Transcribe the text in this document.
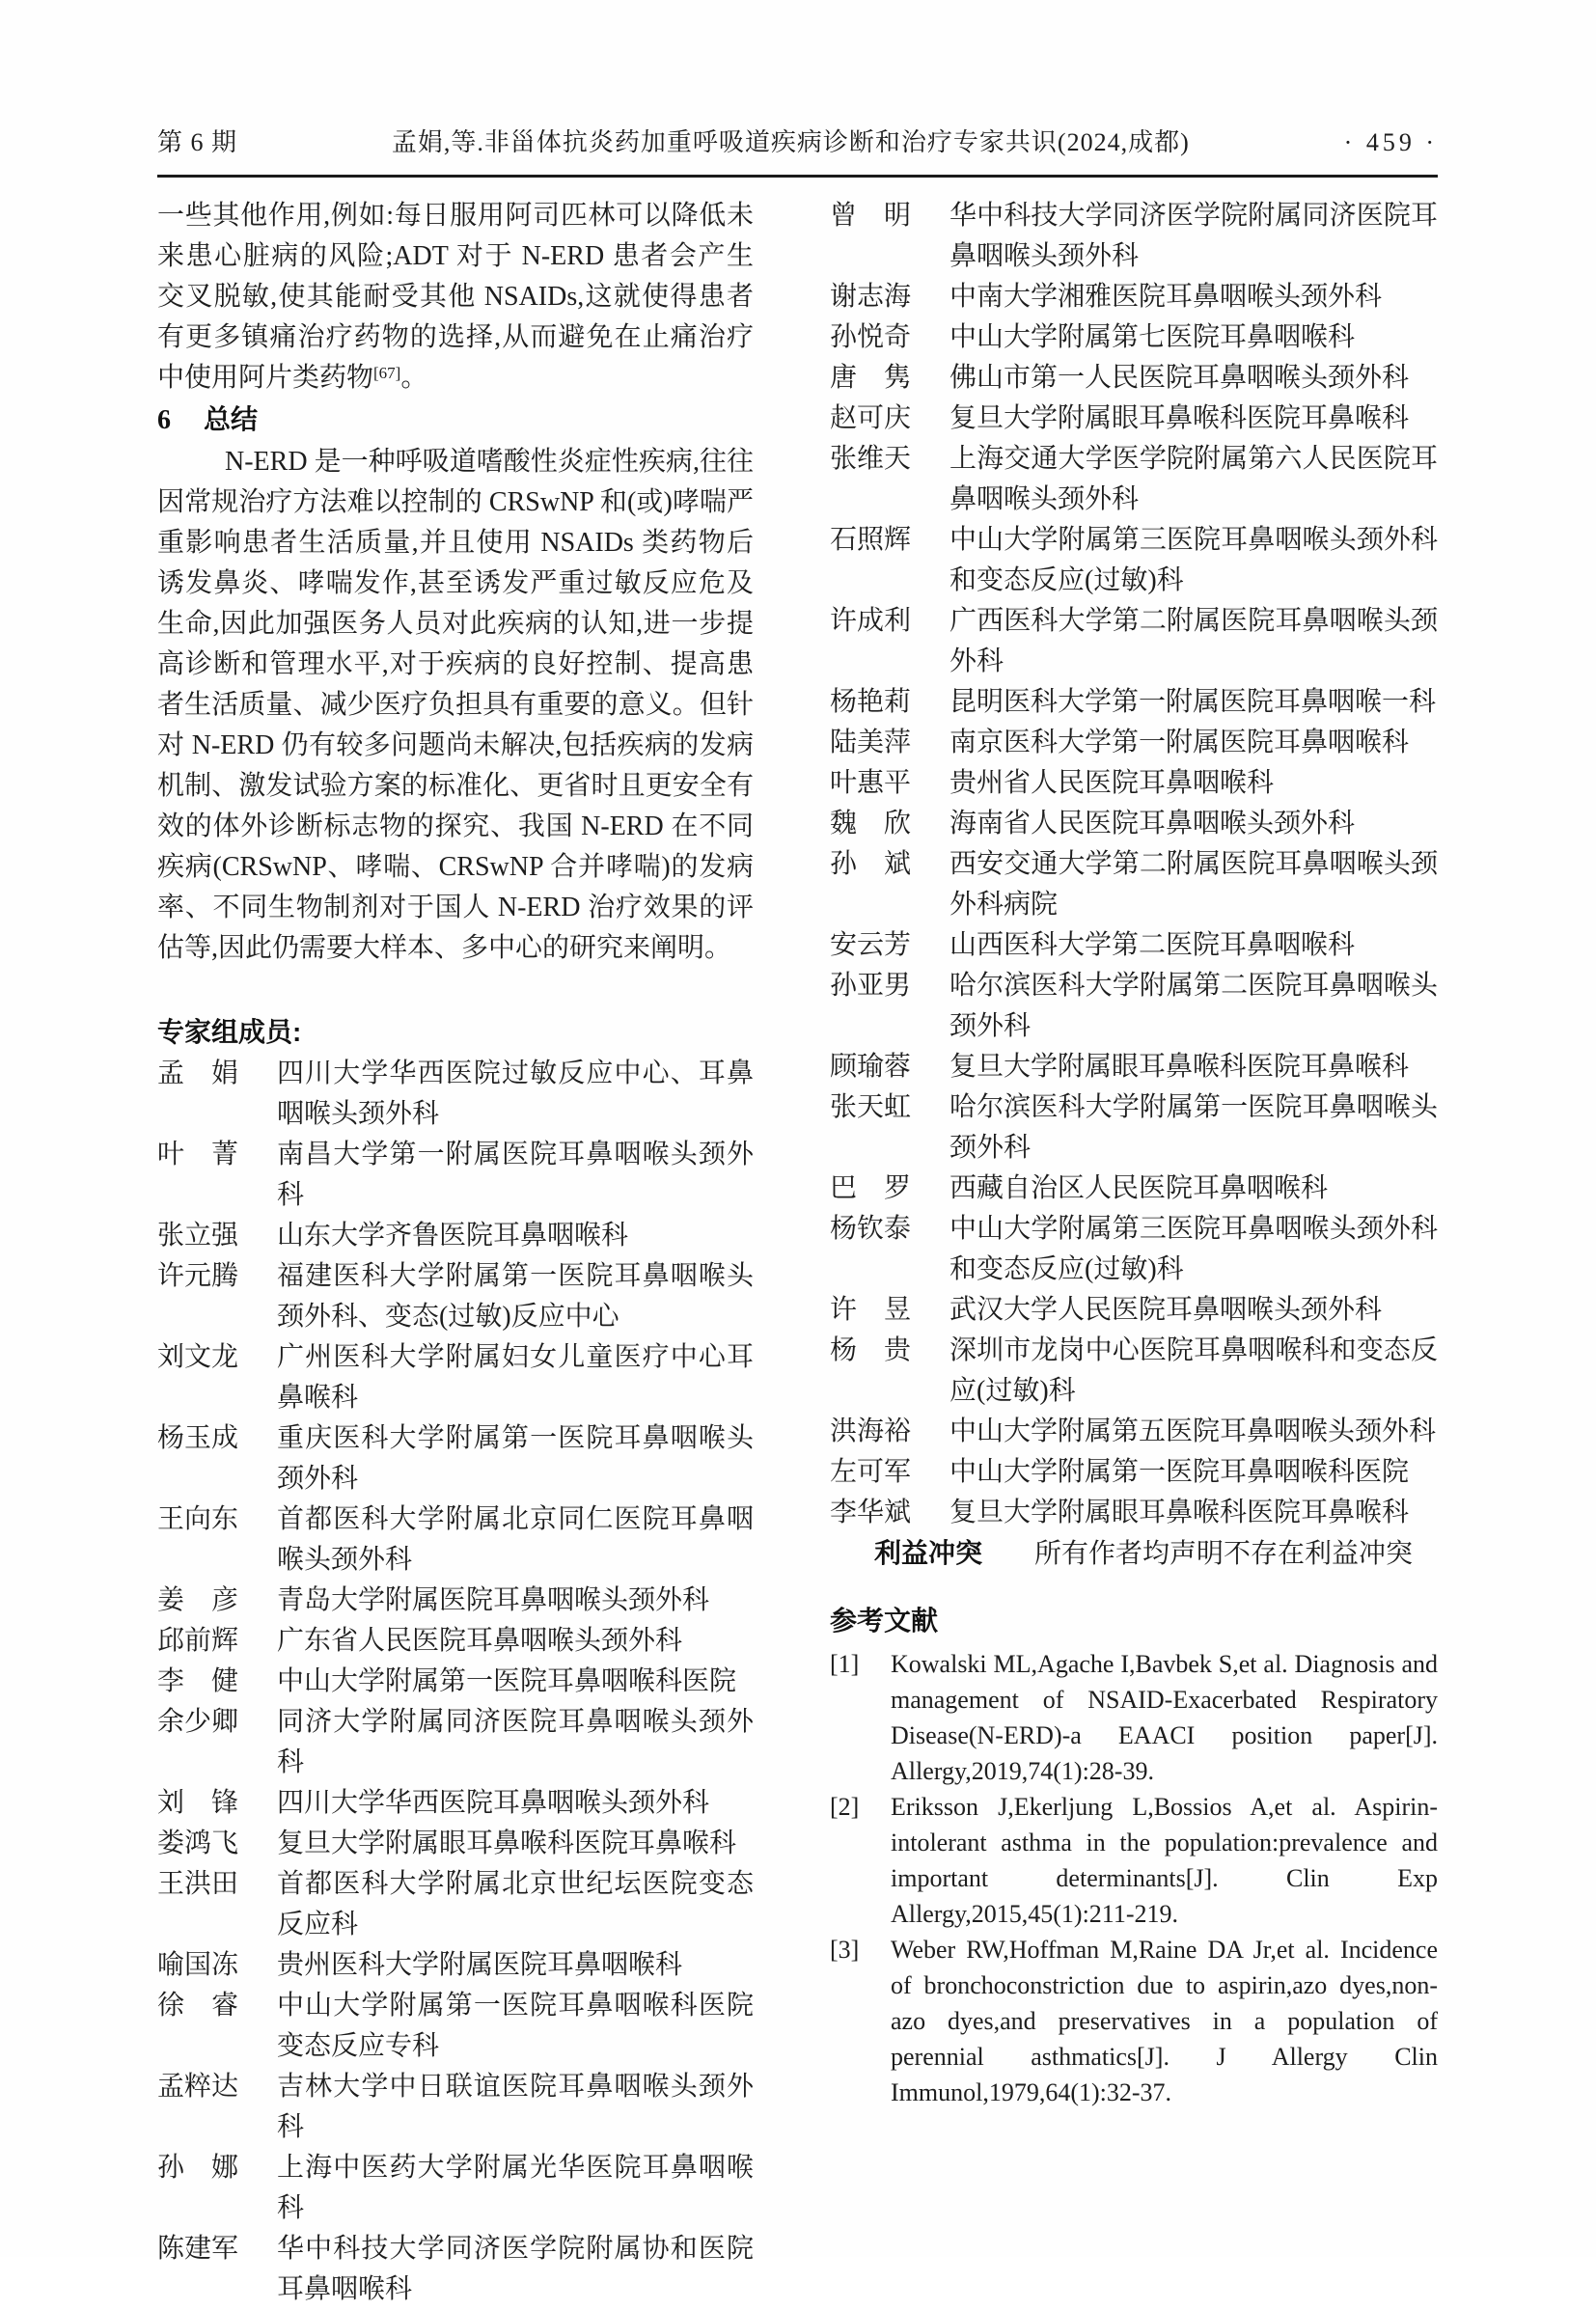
第 6 期	孟娟,等.非甾体抗炎药加重呼吸道疾病诊断和治疗专家共识(2024,成都)	· 459 ·

一些其他作用,例如:每日服用阿司匹林可以降低未来患心脏病的风险;ADT 对于 N-ERD 患者会产生交叉脱敏,使其能耐受其他 NSAIDs,这就使得患者有更多镇痛治疗药物的选择,从而避免在止痛治疗中使用阿片类药物[67]。

6 总结

N-ERD 是一种呼吸道嗜酸性炎症性疾病,往往因常规治疗方法难以控制的 CRSwNP 和(或)哮喘严重影响患者生活质量,并且使用 NSAIDs 类药物后诱发鼻炎、哮喘发作,甚至诱发严重过敏反应危及生命,因此加强医务人员对此疾病的认知,进一步提高诊断和管理水平,对于疾病的良好控制、提高患者生活质量、减少医疗负担具有重要的意义。但针对 N-ERD 仍有较多问题尚未解决,包括疾病的发病机制、激发试验方案的标准化、更省时且更安全有效的体外诊断标志物的探究、我国 N-ERD 在不同疾病(CRSwNP、哮喘、CRSwNP 合并哮喘)的发病率、不同生物制剂对于国人 N-ERD 治疗效果的评估等,因此仍需要大样本、多中心的研究来阐明。

专家组成员:
孟　娟 四川大学华西医院过敏反应中心、耳鼻咽喉头颈外科
叶　菁 南昌大学第一附属医院耳鼻咽喉头颈外科
张立强 山东大学齐鲁医院耳鼻咽喉科
许元腾 福建医科大学附属第一医院耳鼻咽喉头颈外科、变态(过敏)反应中心
刘文龙 广州医科大学附属妇女儿童医疗中心耳鼻喉科
杨玉成 重庆医科大学附属第一医院耳鼻咽喉头颈外科
王向东 首都医科大学附属北京同仁医院耳鼻咽喉头颈外科
姜　彦 青岛大学附属医院耳鼻咽喉头颈外科
邱前辉 广东省人民医院耳鼻咽喉头颈外科
李　健 中山大学附属第一医院耳鼻咽喉科医院
余少卿 同济大学附属同济医院耳鼻咽喉头颈外科
刘　锋 四川大学华西医院耳鼻咽喉头颈外科
娄鸿飞 复旦大学附属眼耳鼻喉科医院耳鼻喉科
王洪田 首都医科大学附属北京世纪坛医院变态反应科
喻国冻 贵州医科大学附属医院耳鼻咽喉科
徐　睿 中山大学附属第一医院耳鼻咽喉科医院变态反应专科
孟粹达 吉林大学中日联谊医院耳鼻咽喉头颈外科
孙　娜 上海中医药大学附属光华医院耳鼻咽喉科
陈建军 华中科技大学同济医学院附属协和医院耳鼻咽喉科
曾　明 华中科技大学同济医学院附属同济医院耳鼻咽喉头颈外科
谢志海 中南大学湘雅医院耳鼻咽喉头颈外科
孙悦奇 中山大学附属第七医院耳鼻咽喉科
唐　隽 佛山市第一人民医院耳鼻咽喉头颈外科
赵可庆 复旦大学附属眼耳鼻喉科医院耳鼻喉科
张维天 上海交通大学医学院附属第六人民医院耳鼻咽喉头颈外科
石照辉 中山大学附属第三医院耳鼻咽喉头颈外科和变态反应(过敏)科
许成利 广西医科大学第二附属医院耳鼻咽喉头颈外科
杨艳莉 昆明医科大学第一附属医院耳鼻咽喉一科
陆美萍 南京医科大学第一附属医院耳鼻咽喉科
叶惠平 贵州省人民医院耳鼻咽喉科
魏　欣 海南省人民医院耳鼻咽喉头颈外科
孙　斌 西安交通大学第二附属医院耳鼻咽喉头颈外科病院
安云芳 山西医科大学第二医院耳鼻咽喉科
孙亚男 哈尔滨医科大学附属第二医院耳鼻咽喉头颈外科
顾瑜蓉 复旦大学附属眼耳鼻喉科医院耳鼻喉科
张天虹 哈尔滨医科大学附属第一医院耳鼻咽喉头颈外科
巴　罗 西藏自治区人民医院耳鼻咽喉科
杨钦泰 中山大学附属第三医院耳鼻咽喉头颈外科和变态反应(过敏)科
许　昱 武汉大学人民医院耳鼻咽喉头颈外科
杨　贵 深圳市龙岗中心医院耳鼻咽喉科和变态反应(过敏)科
洪海裕 中山大学附属第五医院耳鼻咽喉头颈外科
左可军 中山大学附属第一医院耳鼻咽喉科医院
李华斌 复旦大学附属眼耳鼻喉科医院耳鼻喉科

利益冲突 所有作者均声明不存在利益冲突

参考文献
[1]	Kowalski ML,Agache I,Bavbek S,et al. Diagnosis and management of NSAID-Exacerbated Respiratory Disease(N-ERD)-a EAACI position paper[J]. Allergy,2019,74(1):28-39.
[2]	Eriksson J,Ekerljung L,Bossios A,et al. Aspirin-intolerant asthma in the population:prevalence and important determinants[J]. Clin Exp Allergy,2015,45(1):211-219.
[3]	Weber RW,Hoffman M,Raine DA Jr,et al. Incidence of bronchoconstriction due to aspirin,azo dyes,non-azo dyes,and preservatives in a population of perennial asthmatics[J]. J Allergy Clin Immunol,1979,64(1):32-37.
